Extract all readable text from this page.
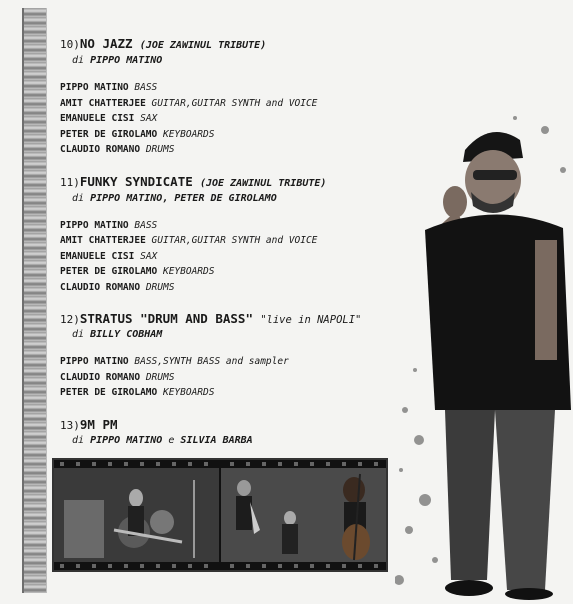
10)NO JAZZ (JOE ZAWINUL TRIBUTE)
di PIPPO MATINO
PIPPO MATINO BASS
AMIT CHATTERJEE GUITAR,GUITAR SYNTH and VOICE
EMANUELE CISI SAX
PETER DE GIROLAMO KEYBOARDS
CLAUDIO ROMANO DRUMS
11)FUNKY SYNDICATE (JOE ZAWINUL TRIBUTE)
di PIPPO MATINO, PETER DE GIROLAMO
PIPPO MATINO BASS
AMIT CHATTERJEE GUITAR,GUITAR SYNTH and VOICE
EMANUELE CISI SAX
PETER DE GIROLAMO KEYBOARDS
CLAUDIO ROMANO DRUMS
12)STRATUS "DRUM AND BASS" "live in NAPOLI"
di BILLY COBHAM
PIPPO MATINO BASS,SYNTH BASS and sampler
CLAUDIO ROMANO DRUMS
PETER DE GIROLAMO KEYBOARDS
13)9M PM
di PIPPO MATINO e SILVIA BARBA
